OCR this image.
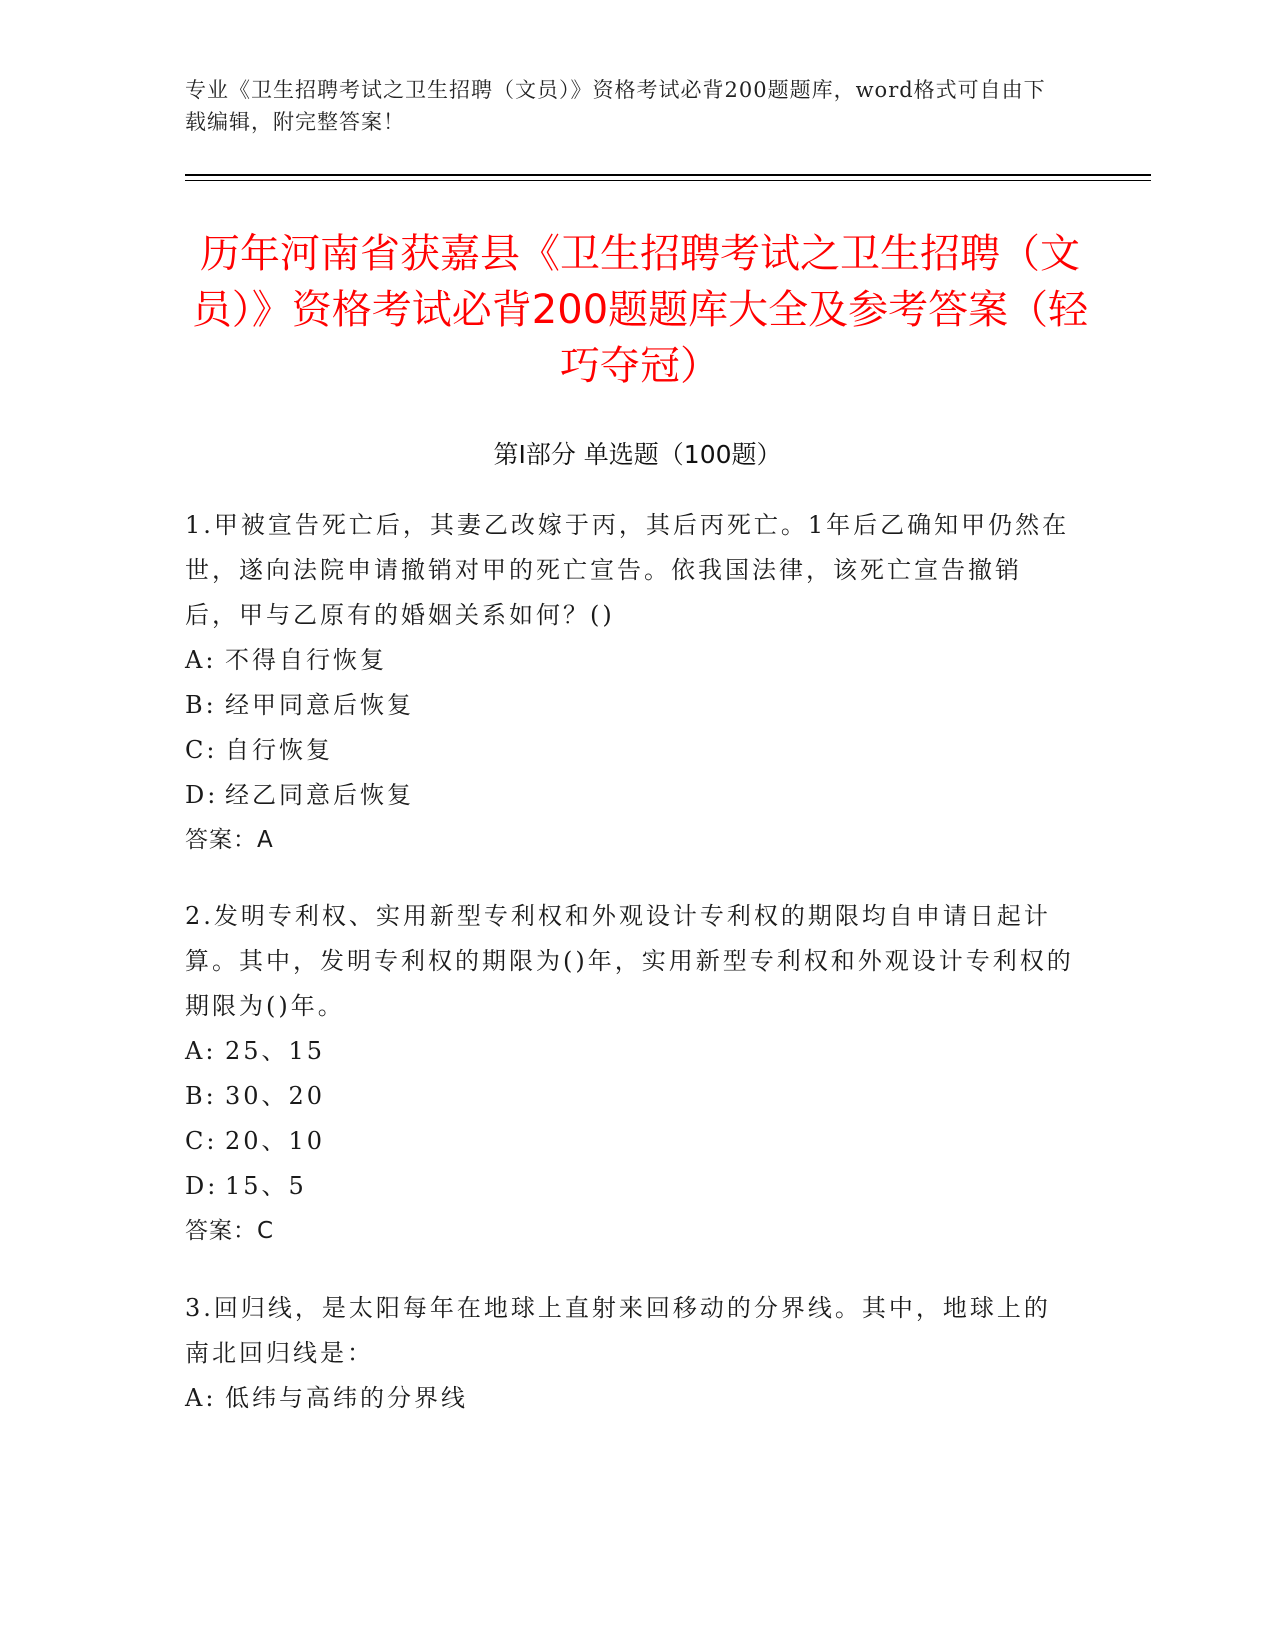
专业《卫生招聘考试之卫生招聘（文员）》资格考试必背200题题库，word格式可自由下载编辑，附完整答案！
历年河南省获嘉县《卫生招聘考试之卫生招聘（文员）》资格考试必背200题题库大全及参考答案（轻巧夺冠）
第I部分 单选题（100题）

1.甲被宣告死亡后，其妻乙改嫁于丙，其后丙死亡。1年后乙确知甲仍然在世，遂向法院申请撤销对甲的死亡宣告。依我国法律，该死亡宣告撤销后，甲与乙原有的婚姻关系如何？()

A: 不得自行恢复

B: 经甲同意后恢复

C: 自行恢复

D: 经乙同意后恢复

答案：A

2.发明专利权、实用新型专利权和外观设计专利权的期限均自申请日起计算。其中，发明专利权的期限为()年，实用新型专利权和外观设计专利权的期限为()年。

A: 25、15

B: 30、20

C: 20、10

D: 15、5

答案：C

3.回归线，是太阳每年在地球上直射来回移动的分界线。其中，地球上的南北回归线是：

A: 低纬与高纬的分界线
